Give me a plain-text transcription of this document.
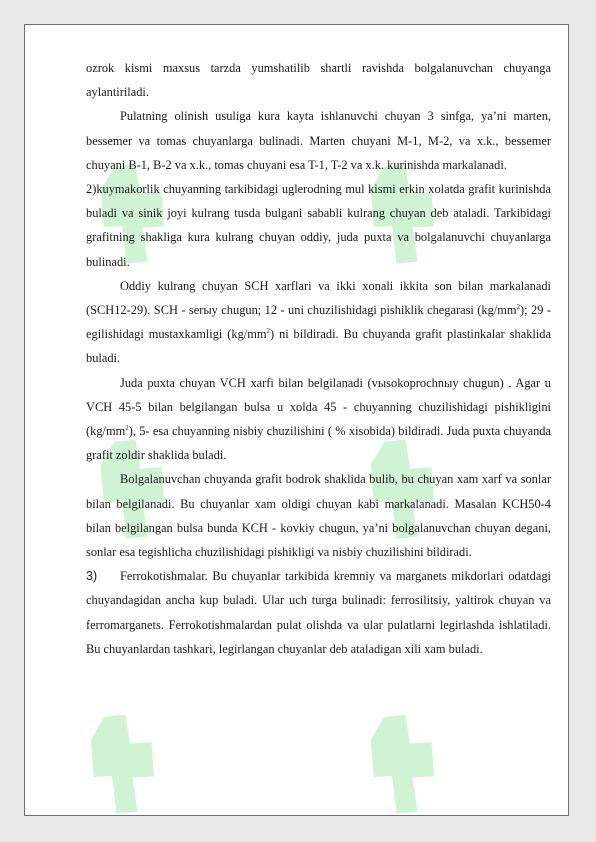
ozrok kismi maxsus tarzda yumshatilib shartli ravishda bolgalanuvchan chuyanga aylantiriladi.

Pulatning olinish usuliga kura kayta ishlanuvchi chuyan 3 sinfga, ya’ni marten, bessemer va tomas chuyanlarga bulinadi. Marten chuyani M-1, M-2, va x.k., bessemer chuyani B-1, B-2 va x.k., tomas chuyani esa T-1, T-2 va x.k. kurinishda markalanadi.

2)kuymakorlik chuyanning tarkibidagi uglerodning mul kismi erkin xolatda grafit kurinishda buladi va sinik joyi kulrang tusda bulgani sababli kulrang chuyan deb ataladi. Tarkibidagi grafitning shakliga kura kulrang chuyan oddiy, juda puxta va bolgalanuvchi chuyanlarga bulinadi.

Oddiy kulrang chuyan SCH xarflari va ikki xonali ikkita son bilan markalanadi (SCH12-29). SCH - serыy chugun; 12 - uni chuzilishidagi pishiklik chegarasi $(kg/mm^2)$; 29 - egilishidagi mustaxkamligi $(kg/mm^2)$ ni bildiradi. Bu chuyanda grafit plastinkalar shaklida buladi.

Juda puxta chuyan VCH xarfi bilan belgilanadi (vыsokoprochnыy chugun) . Agar u VCH 45-5 bilan belgilangan bulsa u xolda 45 - chuyanning chuzilishidagi pishikligini $(kg/mm^2)$, 5- esa chuyanning nisbiy chuzilishini ( % xisobida) bildiradi. Juda puxta chuyanda grafit zoldir shaklida buladi.

Bolgalanuvchan chuyanda grafit bodrok shaklida bulib, bu chuyan xam xarf va sonlar bilan belgilanadi. Bu chuyanlar xam oldigi chuyan kabi markalanadi. Masalan KCH50-4 bilan belgilangan bulsa bunda KCH - kovkiy chugun, ya’ni bolgalanuvchan chuyan degani, sonlar esa tegishlicha chuzilishidagi pishikligi va nisbiy chuzilishini bildiradi.

3) Ferrokotishmalar. Bu chuyanlar tarkibida kremniy va marganets mikdorlari odatdagi chuyandagidan ancha kup buladi. Ular uch turga bulinadi: ferrosilitsiy, yaltirok chuyan va ferromarganets. Ferrokotishmalardan pulat olishda va ular pulatlarni legirlashda ishlatiladi. Bu chuyanlardan tashkari, legirlangan chuyanlar deb ataladigan xili xam buladi.
